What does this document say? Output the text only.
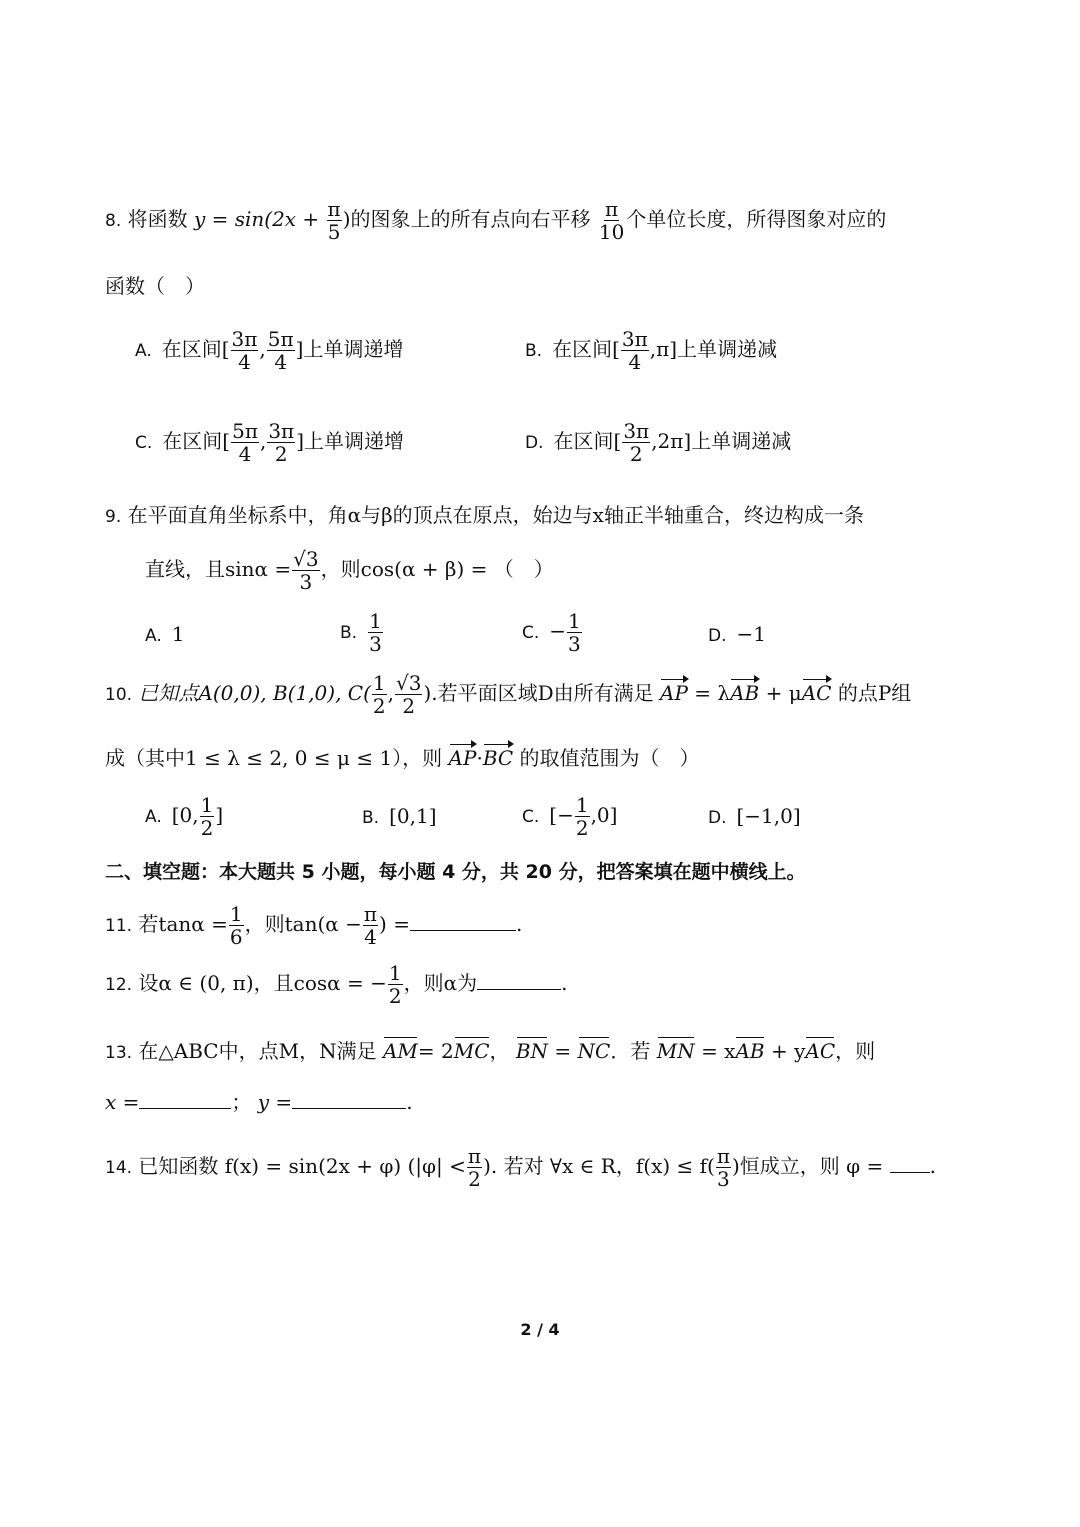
8. 将函数 $y = \sin(2x + \frac{\pi}{5}$ )的图象上的所有点向右平移 $\frac{\pi}{10}$ 个单位长度，所得图象对应的
函数（　）
A. 在区间[ $\frac{3\pi}{4}$ , $\frac{5\pi}{4}$ ]上单调递增	B. 在区间[ $\frac{3\pi}{4} ,\pi$]上单调递减
C. 在区间[ $\frac{5\pi}{4}$ , $\frac{3\pi}{2}$ ]上单调递增	D. 在区间[ $\frac{3\pi}{2} ,2\pi$]上单调递减
9. 在平面直角坐标系中，角α与β的顶点在原点，始边与x轴正半轴重合，终边构成一条
直线，且$\sin\alpha = \frac{√3}{3}$ ，则cos(α + β) = （　）
A. 1	B. $\frac{1}{3}$	C. − $\frac{1}{3}$	D. −1
10. 已知点A(0,0), B(1,0), $C( \frac{1}{2}$ , $\frac{√3}{2}$ ).若平面区域D由所有满足 AP = λAB + μAC 的点P组
成（其中1 ≤ λ ≤ 2, 0 ≤ μ ≤ 1），则 AP·BC 的取值范围为（　）
A. [0, $\frac{1}{2}$ ]	B. [0,1]	C. [− $\frac{1}{2} ,0$]	D. [−1,0]
二、填空题：本大题共 5 小题，每小题 4 分，共 20 分，把答案填在题中横线上。
11. 若$\tan\alpha = \frac{1}{6}$ ，则$\tan(\alpha - \frac{\pi}{4}$ ) =	.
12. 设α ∈ (0, π)，且cosα = − $\frac{1}{2}$ ，则α为	.
13. 在△ABC中，点M，N满足 AM= 2MC， BN = NC．若 MN = xAB + yAC，则
x =	； y =	.
14. 已知函数 f(x) = sin(2x + φ) ($|\varphi| < \frac{\pi}{2}$ ). 若对 ∀x ∈ R，$f(x) \le f( \frac{\pi}{3}$ )恒成立，则 φ = .
2 / 4
